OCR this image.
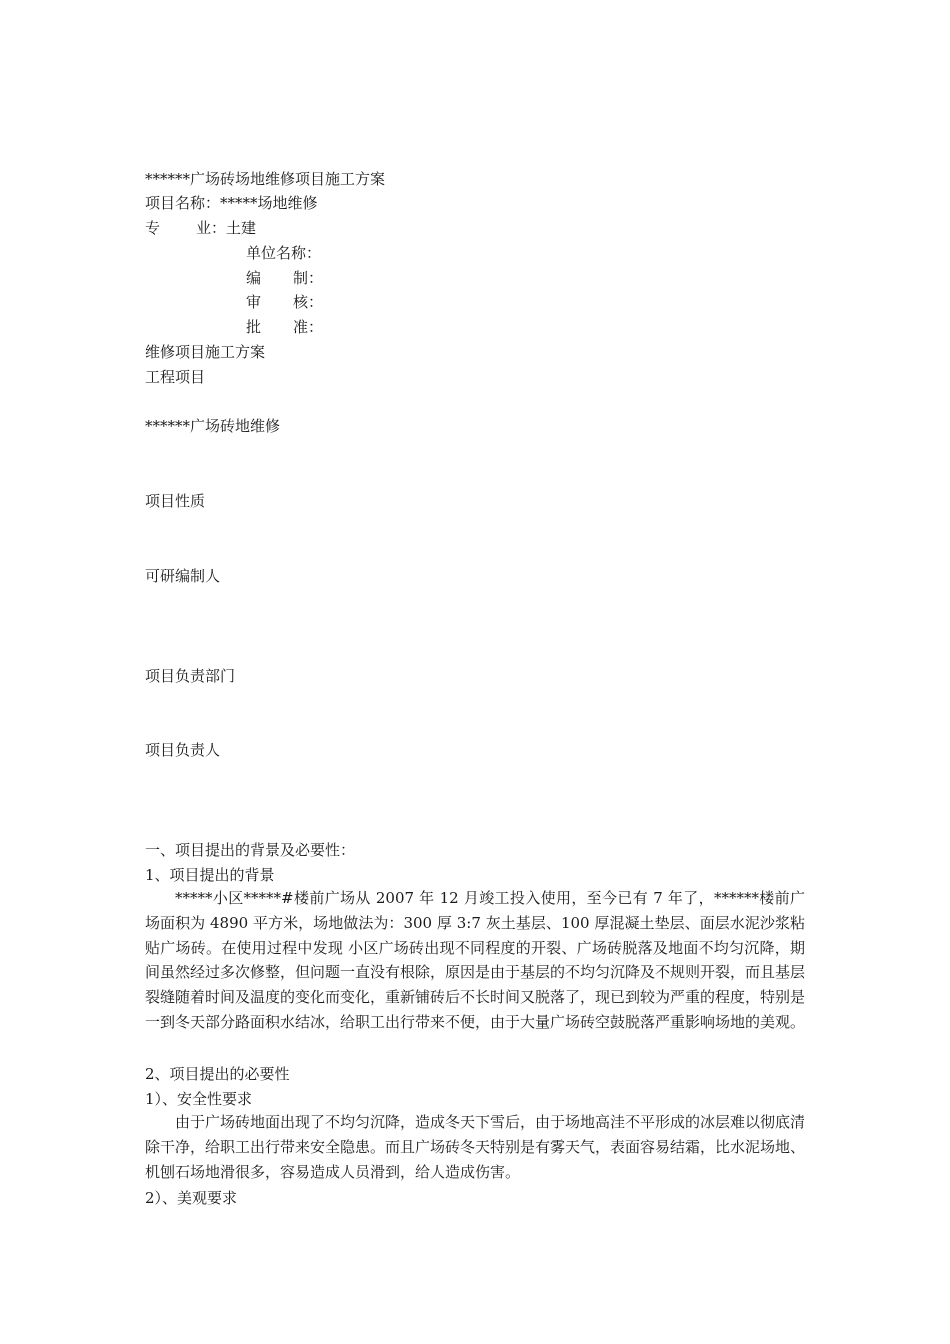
******广场砖场地维修项目施工方案
项目名称：*****场地维修
专 业：土建
单位名称：
编 制：
审 核：
批 准：
维修项目施工方案
工程项目
******广场砖地维修
项目性质
可研编制人
项目负责部门
项目负责人
一、项目提出的背景及必要性：
1、项目提出的背景
*****小区*****#楼前广场从 2007 年 12 月竣工投入使用，至今已有 7 年了，******楼前广场面积为 4890 平方米，场地做法为：300 厚 3:7 灰土基层、100 厚混凝土垫层、面层水泥沙浆粘贴广场砖。在使用过程中发现 小区广场砖出现不同程度的开裂、广场砖脱落及地面不均匀沉降，期间虽然经过多次修整，但问题一直没有根除，原因是由于基层的不均匀沉降及不规则开裂，而且基层裂缝随着时间及温度的变化而变化，重新铺砖后不长时间又脱落了，现已到较为严重的程度，特别是一到冬天部分路面积水结冰，给职工出行带来不便，由于大量广场砖空鼓脱落严重影响场地的美观。
2、项目提出的必要性
1）、安全性要求
由于广场砖地面出现了不均匀沉降，造成冬天下雪后，由于场地高洼不平形成的冰层难以彻底清除干净，给职工出行带来安全隐患。而且广场砖冬天特别是有雾天气，表面容易结霜，比水泥场地、机刨石场地滑很多，容易造成人员滑到，给人造成伤害。
2）、美观要求
